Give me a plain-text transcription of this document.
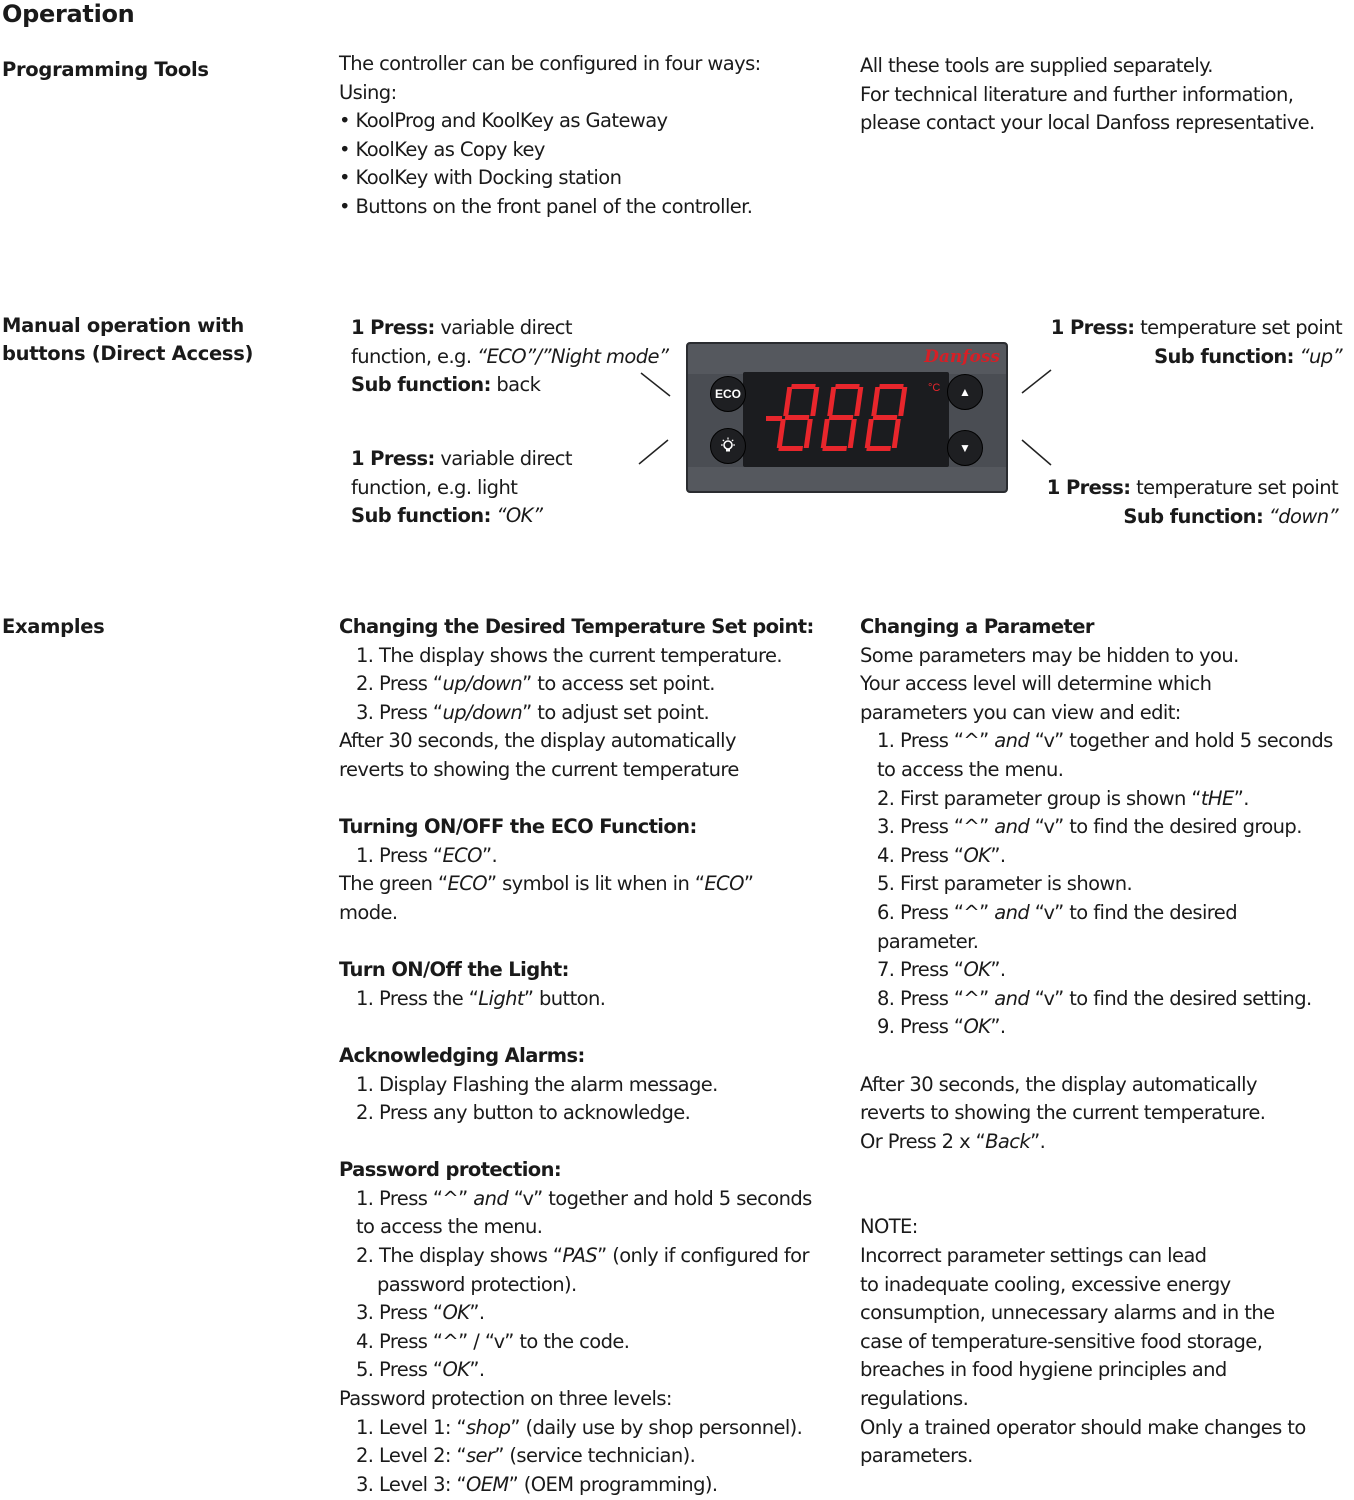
Operation
Programming Tools	The controller can be configured in four ways:

Using:

• KoolProg and KoolKey as Gateway

• KoolKey as Copy key

• KoolKey with Docking station

• Buttons on the front panel of the controller.

All these tools are supplied separately.

For technical literature and further information,

please contact your local Danfoss representative.

Manual operation with
buttons (Direct Access)

1 Press: variable direct

function, e.g. “ECO”/”Night mode”

Sub function: back

1 Press: variable direct

function, e.g. light

Sub function: “OK”

1 Press: temperature set point

Sub function: “up”

1 Press: temperature set point

Sub function: “down”

Danfoss
ECO	▲
▼
°C
Examples	Changing the Desired Temperature Set point:

1. The display shows the current temperature.

2. Press “up/down” to access set point.

3. Press “up/down” to adjust set point.

After 30 seconds, the display automatically

reverts to showing the current temperature

Turning ON/OFF the ECO Function:

1. Press “ECO”.

The green “ECO” symbol is lit when in “ECO”

mode.

Turn ON/Off the Light:

1. Press the “Light” button.

Acknowledging Alarms:

1. Display Flashing the alarm message.

2. Press any button to acknowledge.

Password protection:

1. Press “^” and “v” together and hold 5 seconds

to access the menu.

2. The display shows “PAS” (only if configured for

password protection).

3. Press “OK”.

4. Press “^” / “v” to the code.

5. Press “OK”.

Password protection on three levels:

1. Level 1: “shop” (daily use by shop personnel).

2. Level 2: “ser” (service technician).

3. Level 3: “OEM” (OEM programming).

Changing a Parameter

Some parameters may be hidden to you.

Your access level will determine which

parameters you can view and edit:

1. Press “^” and “v” together and hold 5 seconds

to access the menu.

2. First parameter group is shown “tHE”.

3. Press “^” and “v” to find the desired group.

4. Press “OK”.

5. First parameter is shown.

6. Press “^” and “v” to find the desired

parameter.

7. Press “OK”.

8. Press “^” and “v” to find the desired setting.

9. Press “OK”.

After 30 seconds, the display automatically

reverts to showing the current temperature.

Or Press 2 x “Back”.

NOTE:

Incorrect parameter settings can lead

to inadequate cooling, excessive energy

consumption, unnecessary alarms and in the

case of temperature-sensitive food storage,

breaches in food hygiene principles and

regulations.

Only a trained operator should make changes to

parameters.
